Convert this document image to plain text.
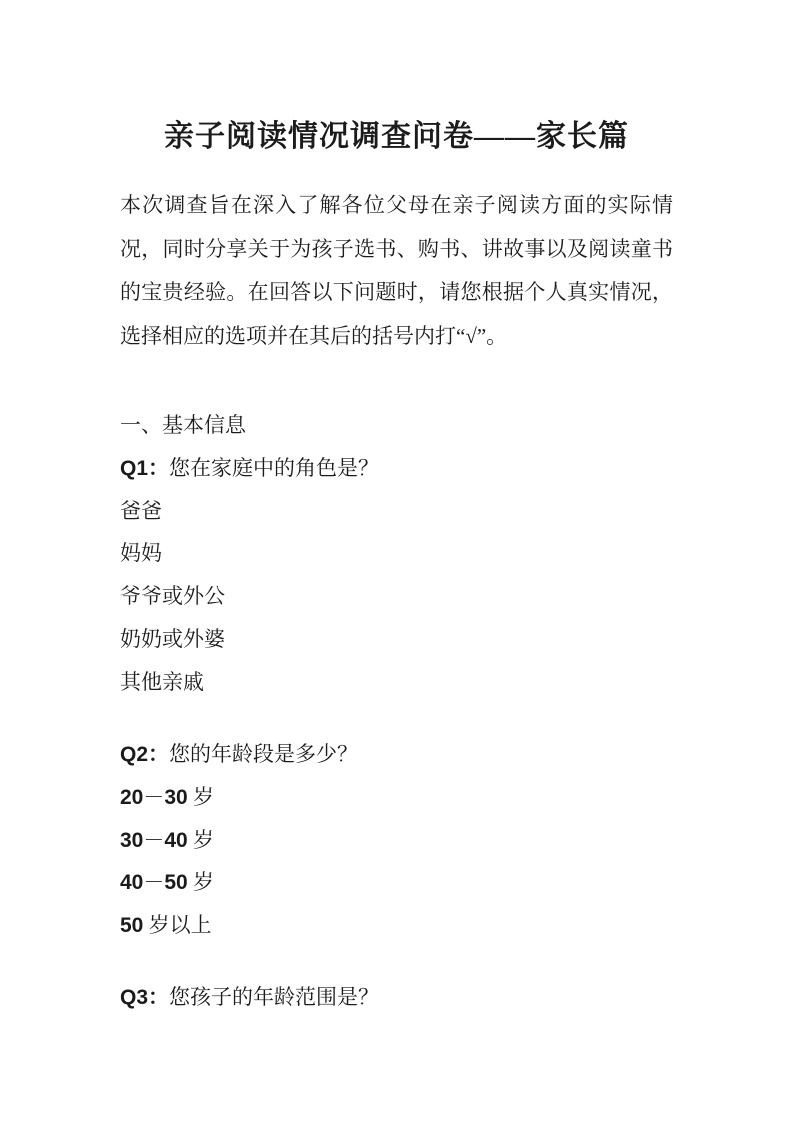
亲子阅读情况调查问卷——家长篇
本次调查旨在深入了解各位父母在亲子阅读方面的实际情
况，同时分享关于为孩子选书、购书、讲故事以及阅读童书
的宝贵经验。在回答以下问题时，请您根据个人真实情况，
选择相应的选项并在其后的括号内打“√”。
一、基本信息
Q1：您在家庭中的角色是？
爸爸
妈妈
爷爷或外公
奶奶或外婆
其他亲戚
Q2：您的年龄段是多少？
20－30 岁
30－40 岁
40－50 岁
50 岁以上
Q3：您孩子的年龄范围是？
